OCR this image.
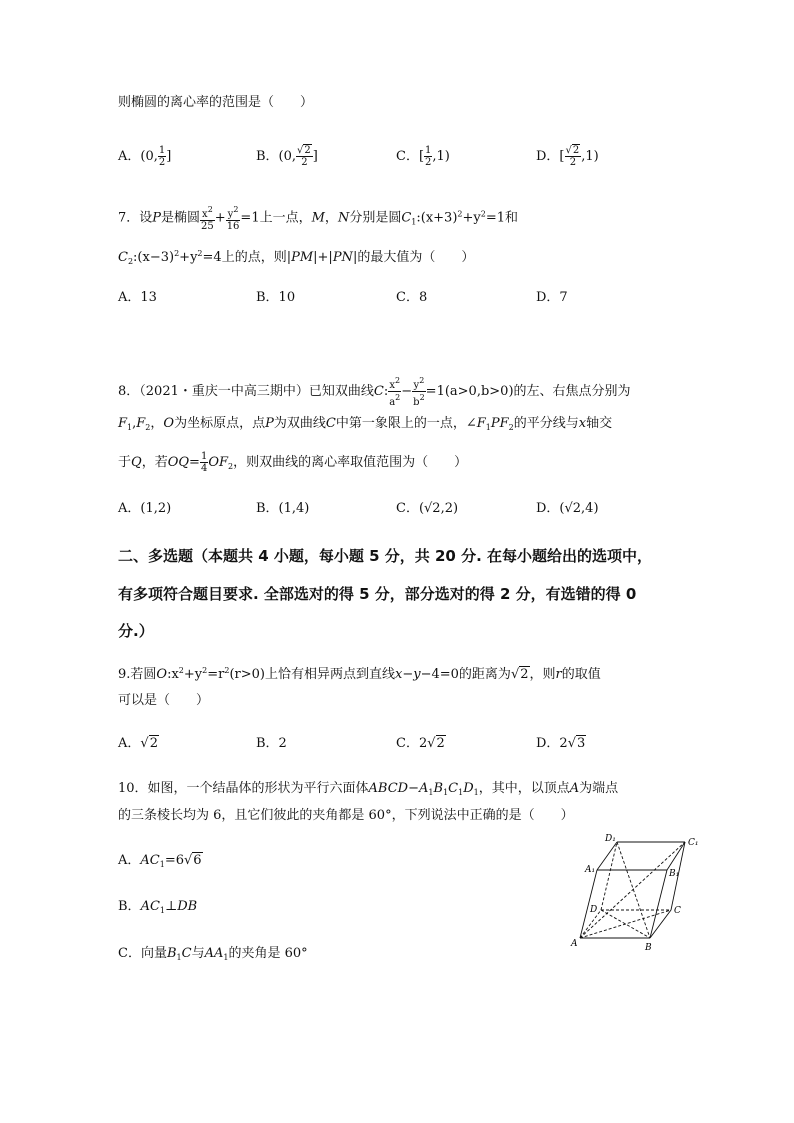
则椭圆的离心率的范围是（　　）
A．(0, $\frac{1}{2}$ ]	B．(0, $\frac{√2}{2}$ ]	C．[ $\frac{1}{2} ,1$)	D．[ $\frac{√2}{2} ,1$)
7．设P是椭圆 $\frac{x^2}{25} + \frac{y^2}{16} =1$上一点，M，N分别是圆$C_1:(x+3)^2+y^2=1$和
$C_2:(x-3)^2+y^2=4$上的点，则|PM|+|PN|的最大值为（　　）
A．13	B．10	C．8	D．7
8．（2021・重庆一中高三期中）已知双曲线C: $\frac{x^2}{a^2} - \frac{y^2}{b^2} =1(a>0,b>0)$的左、右焦点分别为
$F_1,F_2$，O为坐标原点，点P为双曲线C中第一象限上的一点，$\angle F_1PF_2$的平分线与x轴交
于Q，若$OQ= \frac{1}{4} OF_2$，则双曲线的离心率取值范围为（　　）
A．(1,2)	B．(1,4)	C．(√2,2)	D．(√2,4)
二、多选题（本题共 4 小题，每小题 5 分，共 20 分. 在每小题给出的选项中，
有多项符合题目要求. 全部选对的得 5 分，部分选对的得 2 分，有选错的得 0
分.）
9.若圆$O:x^2+y^2=r^2(r>0)$上恰有相异两点到直线x−y−4=0的距离为√2，则r的取值
可以是（　　）
A．√2	B．2	C．2√2	D．2√3
10．如图，一个结晶体的形状为平行六面体$ABCD-A_1B_1C_1D_1$，其中，以顶点A为端点
的三条棱长均为 6，且它们彼此的夹角都是 60°，下列说法中正确的是（　　）
A．$AC_1=6√6$
B．$AC_1\perp DB$
C．向量$B_1C$与$AA_1$的夹角是 60°
D₁	C₁
A₁	B₁
D	C
A	B
